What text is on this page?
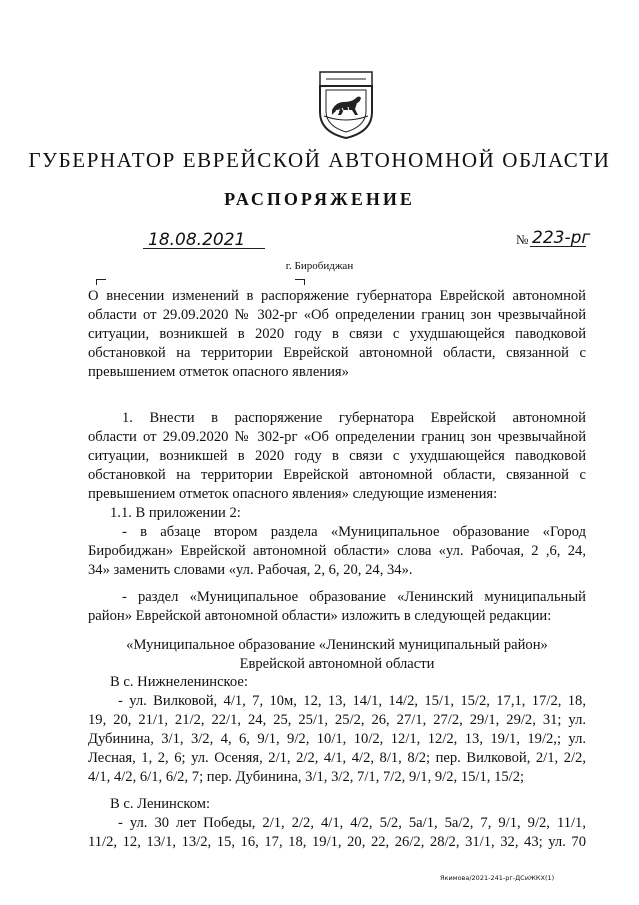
ГУБЕРНАТОР ЕВРЕЙСКОЙ АВТОНОМНОЙ ОБЛАСТИ
РАСПОРЯЖЕНИЕ
18.08.2021	№ 223-рг
г. Биробиджан
О внесении изменений в распоряжение губернатора Еврейской автономной
области от 29.09.2020 № 302-рг «Об определении границ зон чрезвычайной
ситуации, возникшей в 2020 году в связи с ухудшающейся паводковой
обстановкой на территории Еврейской автономной области, связанной с
превышением отметок опасного явления»
1. Внести в распоряжение губернатора Еврейской автономной
области от 29.09.2020 № 302-рг «Об определении границ зон чрезвычайной
ситуации, возникшей в 2020 году в связи с ухудшающейся паводковой
обстановкой на территории Еврейской автономной области, связанной с
превышением отметок опасного явления» следующие изменения:
1.1. В приложении 2:
- в абзаце втором раздела «Муниципальное образование «Город
Биробиджан» Еврейской автономной области» слова «ул. Рабочая, 2 ,6, 24,
34» заменить словами «ул. Рабочая, 2, 6, 20, 24, 34».
- раздел «Муниципальное образование «Ленинский муниципальный
район» Еврейской автономной области» изложить в следующей редакции:
«Муниципальное образование «Ленинский муниципальный район»
Еврейской автономной области
В с. Нижнеленинское:
- ул. Вилковой, 4/1, 7, 10м, 12, 13, 14/1, 14/2, 15/1, 15/2, 17,1, 17/2, 18,
19, 20, 21/1, 21/2, 22/1, 24, 25, 25/1, 25/2, 26, 27/1, 27/2, 29/1, 29/2, 31; ул.
Дубинина, 3/1, 3/2, 4, 6, 9/1, 9/2, 10/1, 10/2, 12/1, 12/2, 13, 19/1, 19/2,; ул.
Лесная, 1, 2, 6; ул. Осеняя, 2/1, 2/2, 4/1, 4/2, 8/1, 8/2; пер. Вилковой, 2/1, 2/2,
4/1, 4/2, 6/1, 6/2, 7; пер. Дубинина, 3/1, 3/2, 7/1, 7/2, 9/1, 9/2, 15/1, 15/2;
В с. Ленинском:
- ул. 30 лет Победы, 2/1, 2/2, 4/1, 4/2, 5/2, 5а/1, 5а/2, 7, 9/1, 9/2, 11/1,
11/2, 12, 13/1, 13/2, 15, 16, 17, 18, 19/1, 20, 22, 26/2, 28/2, 31/1, 32, 43; ул. 70
Якимова/2021-241-рг-ДСиЖКХ(1)
